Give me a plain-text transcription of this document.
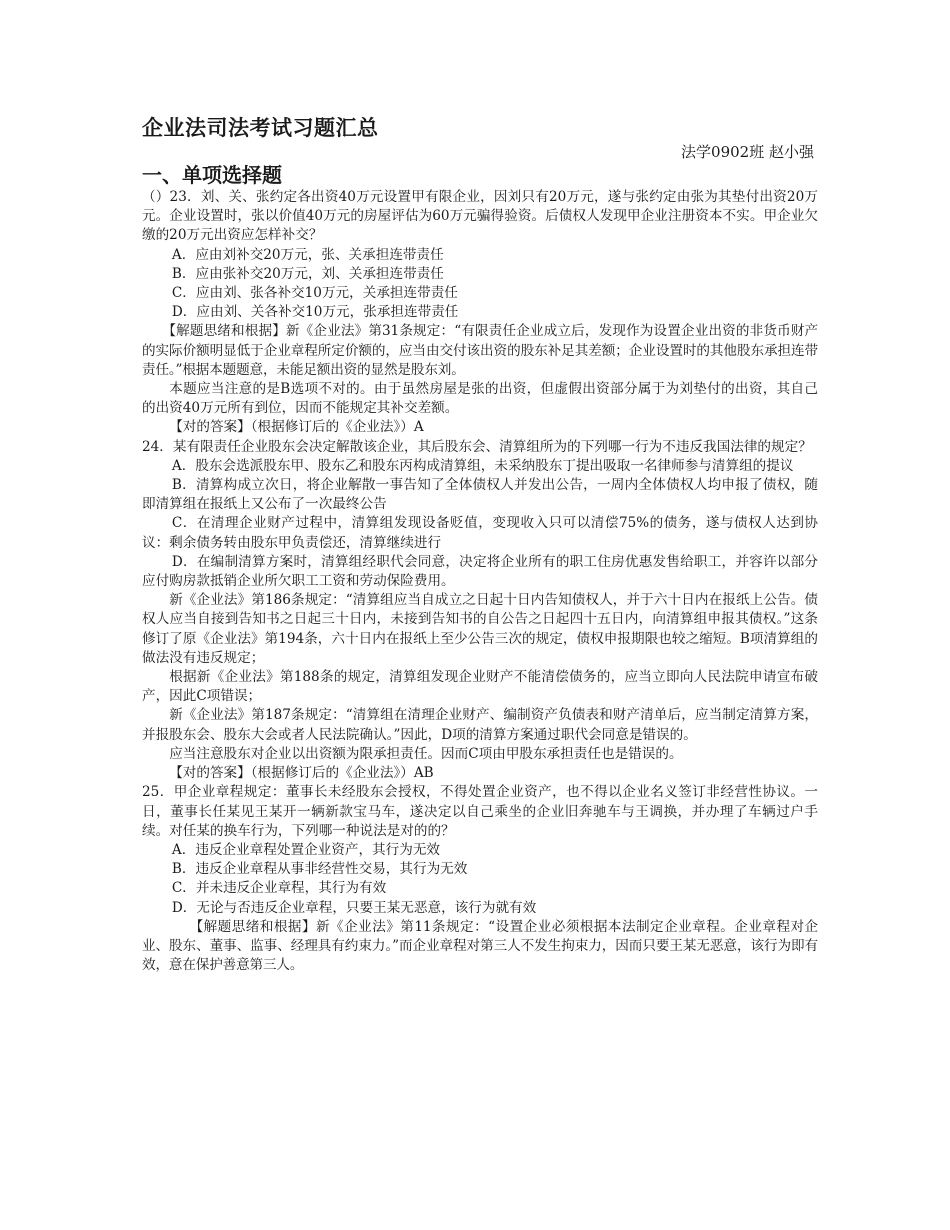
企业法司法考试习题汇总

法学0902班 赵小强

一、单项选择题

（）23．刘、关、张约定各出资40万元设置甲有限企业，因刘只有20万元，遂与张约定由张为其垫付出资20万元。企业设置时，张以价值40万元的房屋评估为60万元骗得验资。后债权人发现甲企业注册资本不实。甲企业欠缴的20万元出资应怎样补交？

A．应由刘补交20万元，张、关承担连带责任

B．应由张补交20万元，刘、关承担连带责任

C．应由刘、张各补交10万元，关承担连带责任

D．应由刘、关各补交10万元，张承担连带责任

【解题思绪和根据】新《企业法》第31条规定：“有限责任企业成立后，发现作为设置企业出资的非货币财产的实际价额明显低于企业章程所定价额的，应当由交付该出资的股东补足其差额；企业设置时的其他股东承担连带责任。”根据本题题意，未能足额出资的显然是股东刘。

本题应当注意的是B选项不对的。由于虽然房屋是张的出资，但虚假出资部分属于为刘垫付的出资，其自己的出资40万元所有到位，因而不能规定其补交差额。

【对的答案】（根据修订后的《企业法》）A

24．某有限责任企业股东会决定解散该企业，其后股东会、清算组所为的下列哪一行为不违反我国法律的规定？

A．股东会选派股东甲、股东乙和股东丙构成清算组，未采纳股东丁提出吸取一名律师参与清算组的提议

B．清算构成立次日，将企业解散一事告知了全体债权人并发出公告，一周内全体债权人均申报了债权，随即清算组在报纸上又公布了一次最终公告

C．在清理企业财产过程中，清算组发现设备贬值，变现收入只可以清偿75%的债务，遂与债权人达到协议：剩余债务转由股东甲负责偿还，清算继续进行

D．在编制清算方案时，清算组经职代会同意，决定将企业所有的职工住房优惠发售给职工，并容许以部分应付购房款抵销企业所欠职工工资和劳动保险费用。

新《企业法》第186条规定：“清算组应当自成立之日起十日内告知债权人，并于六十日内在报纸上公告。债权人应当自接到告知书之日起三十日内，未接到告知书的自公告之日起四十五日内，向清算组申报其债权。”这条修订了原《企业法》第194条，六十日内在报纸上至少公告三次的规定，债权申报期限也较之缩短。B项清算组的做法没有违反规定；

根据新《企业法》第188条的规定，清算组发现企业财产不能清偿债务的，应当立即向人民法院申请宣布破产，因此C项错误；

新《企业法》第187条规定：“清算组在清理企业财产、编制资产负债表和财产清单后，应当制定清算方案，并报股东会、股东大会或者人民法院确认。”因此，D项的清算方案通过职代会同意是错误的。

应当注意股东对企业以出资额为限承担责任。因而C项由甲股东承担责任也是错误的。

【对的答案】（根据修订后的《企业法》）AB

25．甲企业章程规定：董事长未经股东会授权，不得处置企业资产，也不得以企业名义签订非经营性协议。一日，董事长任某见王某开一辆新款宝马车，遂决定以自己乘坐的企业旧奔驰车与王调换，并办理了车辆过户手续。对任某的换车行为，下列哪一种说法是对的的？

A．违反企业章程处置企业资产，其行为无效

B．违反企业章程从事非经营性交易，其行为无效

C．并未违反企业章程，其行为有效

D．无论与否违反企业章程，只要王某无恶意，该行为就有效

【解题思绪和根据】新《企业法》第11条规定：“设置企业必须根据本法制定企业章程。企业章程对企业、股东、董事、监事、经理具有约束力。”而企业章程对第三人不发生拘束力，因而只要王某无恶意，该行为即有效，意在保护善意第三人。
